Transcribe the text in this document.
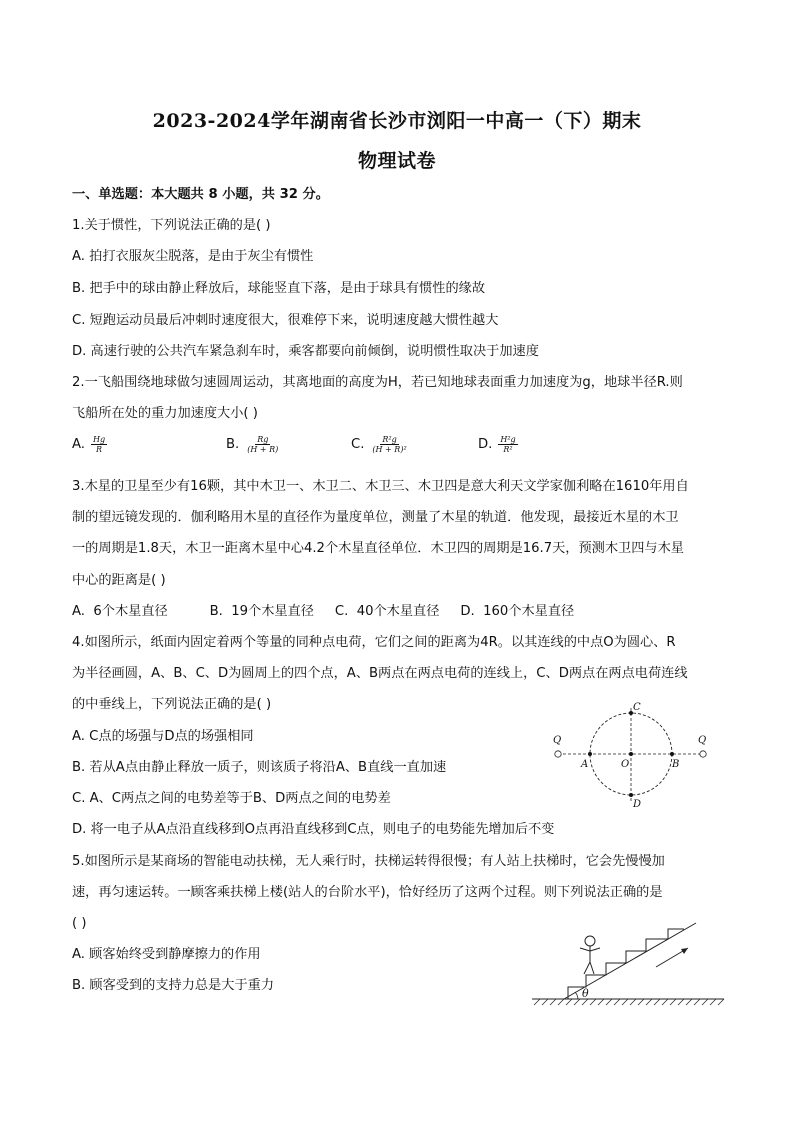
2023-2024学年湖南省长沙市浏阳一中高一（下）期末
物理试卷
一、单选题：本大题共 8 小题，共 32 分。
1.关于惯性，下列说法正确的是( )
A. 拍打衣服灰尘脱落，是由于灰尘有惯性
B. 把手中的球由静止释放后，球能竖直下落，是由于球具有惯性的缘故
C. 短跑运动员最后冲刺时速度很大，很难停下来，说明速度越大惯性越大
D. 高速行驶的公共汽车紧急刹车时，乘客都要向前倾倒，说明惯性取决于加速度
2.一飞船围绕地球做匀速圆周运动，其离地面的高度为H，若已知地球表面重力加速度为g，地球半径R.则
飞船所在处的重力加速度大小( )
A. $\frac{Hg}{R}$	B. $\frac{Rg}{(H + R)}$	C. $\frac{\text{R²g}}{\text{(H + R)²}}$	D. $\frac{\text{H²g}}{\text{R²}}$
3.木星的卫星至少有16颗，其中木卫一、木卫二、木卫三、木卫四是意大利天文学家伽利略在1610年用自
制的望远镜发现的．伽利略用木星的直径作为量度单位，测量了木星的轨道．他发现，最接近木星的木卫
一的周期是1.8天，木卫一距离木星中心4.2个木星直径单位．木卫四的周期是16.7天，预测木卫四与木星
中心的距离是( )
A.  6个木星直径          B.  19个木星直径     C.  40个木星直径     D.  160个木星直径
4.如图所示，纸面内固定着两个等量的同种点电荷，它们之间的距离为4R。以其连线的中点O为圆心、R
为半径画圆，A、B、C、D为圆周上的四个点，A、B两点在两点电荷的连线上，C、D两点在两点电荷连线
的中垂线上，下列说法正确的是( )
A. C点的场强与D点的场强相同
B. 若从A点由静止释放一质子，则该质子将沿A、B直线一直加速
C. A、C两点之间的电势差等于B、D两点之间的电势差
D. 将一电子从A点沿直线移到O点再沿直线移到C点，则电子的电势能先增加后不变
Q	Q
A	B
C
D
O
5.如图所示是某商场的智能电动扶梯，无人乘行时，扶梯运转得很慢；有人站上扶梯时，它会先慢慢加
速，再匀速运转。一顾客乘扶梯上楼(站人的台阶水平)，恰好经历了这两个过程。则下列说法正确的是
( )
A. 顾客始终受到静摩擦力的作用
B. 顾客受到的支持力总是大于重力
θ
